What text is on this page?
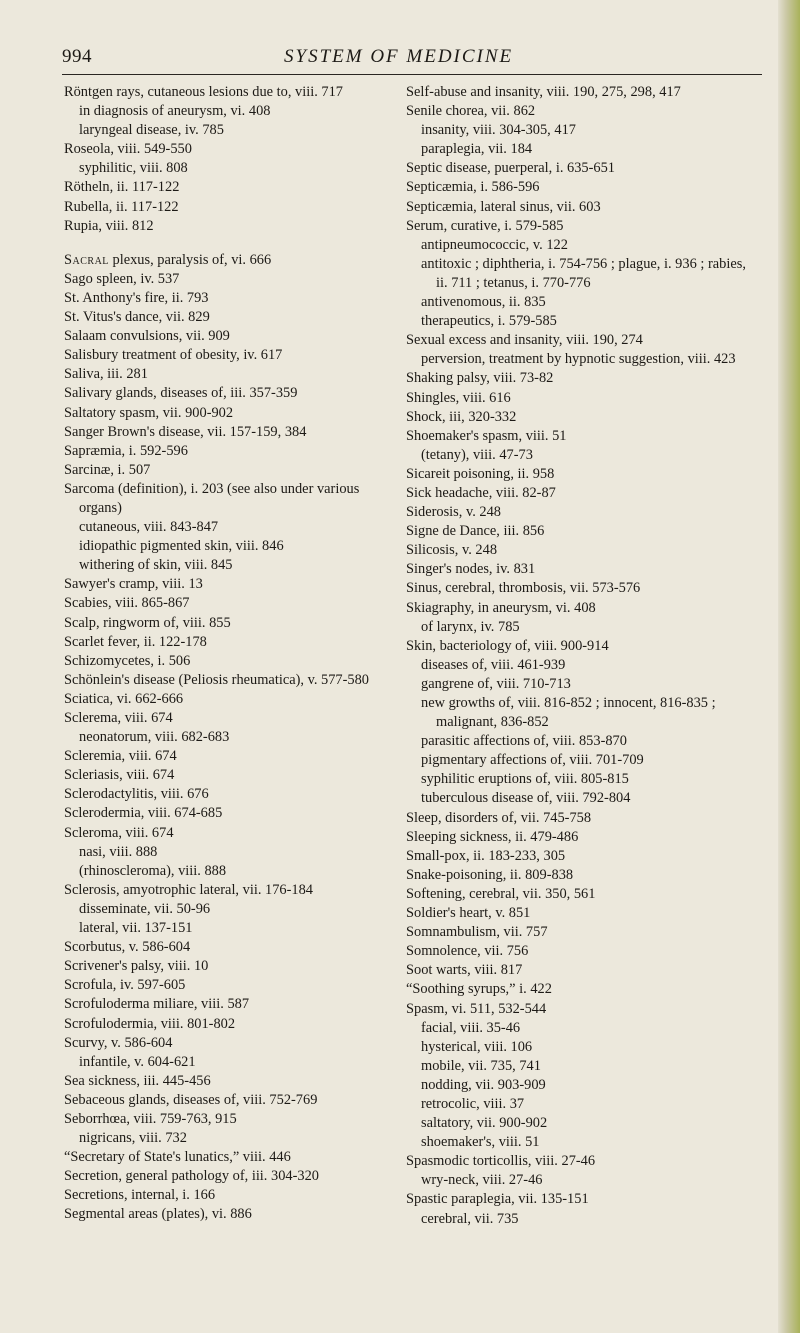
994	SYSTEM OF MEDICINE
Röntgen rays, cutaneous lesions due to, viii. 717
in diagnosis of aneurysm, vi. 408
laryngeal disease, iv. 785
Roseola, viii. 549-550
syphilitic, viii. 808
Rötheln, ii. 117-122
Rubella, ii. 117-122
Rupia, viii. 812
Sacral plexus, paralysis of, vi. 666
Sago spleen, iv. 537
St. Anthony's fire, ii. 793
St. Vitus's dance, vii. 829
Salaam convulsions, vii. 909
Salisbury treatment of obesity, iv. 617
Saliva, iii. 281
Salivary glands, diseases of, iii. 357-359
Saltatory spasm, vii. 900-902
Sanger Brown's disease, vii. 157-159, 384
Sapræmia, i. 592-596
Sarcinæ, i. 507
Sarcoma (definition), i. 203 (see also under various organs)
cutaneous, viii. 843-847
idiopathic pigmented skin, viii. 846
withering of skin, viii. 845
Sawyer's cramp, viii. 13
Scabies, viii. 865-867
Scalp, ringworm of, viii. 855
Scarlet fever, ii. 122-178
Schizomycetes, i. 506
Schönlein's disease (Peliosis rheumatica), v. 577-580
Sciatica, vi. 662-666
Sclerema, viii. 674
neonatorum, viii. 682-683
Scleremia, viii. 674
Scleriasis, viii. 674
Sclerodactylitis, viii. 676
Sclerodermia, viii. 674-685
Scleroma, viii. 674
nasi, viii. 888
(rhinoscleroma), viii. 888
Sclerosis, amyotrophic lateral, vii. 176-184
disseminate, vii. 50-96
lateral, vii. 137-151
Scorbutus, v. 586-604
Scrivener's palsy, viii. 10
Scrofula, iv. 597-605
Scrofuloderma miliare, viii. 587
Scrofulodermia, viii. 801-802
Scurvy, v. 586-604
infantile, v. 604-621
Sea sickness, iii. 445-456
Sebaceous glands, diseases of, viii. 752-769
Seborrhœa, viii. 759-763, 915
nigricans, viii. 732
“Secretary of State's lunatics,” viii. 446
Secretion, general pathology of, iii. 304-320
Secretions, internal, i. 166
Segmental areas (plates), vi. 886
Self-abuse and insanity, viii. 190, 275, 298, 417
Senile chorea, vii. 862
insanity, viii. 304-305, 417
paraplegia, vii. 184
Septic disease, puerperal, i. 635-651
Septicæmia, i. 586-596
Septicæmia, lateral sinus, vii. 603
Serum, curative, i. 579-585
antipneumococcic, v. 122
antitoxic ; diphtheria, i. 754-756 ; plague, i. 936 ; rabies, ii. 711 ; tetanus, i. 770-776
antivenomous, ii. 835
therapeutics, i. 579-585
Sexual excess and insanity, viii. 190, 274
perversion, treatment by hypnotic suggestion, viii. 423
Shaking palsy, viii. 73-82
Shingles, viii. 616
Shock, iii, 320-332
Shoemaker's spasm, viii. 51
(tetany), viii. 47-73
Sicareit poisoning, ii. 958
Sick headache, viii. 82-87
Siderosis, v. 248
Signe de Dance, iii. 856
Silicosis, v. 248
Singer's nodes, iv. 831
Sinus, cerebral, thrombosis, vii. 573-576
Skiagraphy, in aneurysm, vi. 408
of larynx, iv. 785
Skin, bacteriology of, viii. 900-914
diseases of, viii. 461-939
gangrene of, viii. 710-713
new growths of, viii. 816-852 ; innocent, 816-835 ; malignant, 836-852
parasitic affections of, viii. 853-870
pigmentary affections of, viii. 701-709
syphilitic eruptions of, viii. 805-815
tuberculous disease of, viii. 792-804
Sleep, disorders of, vii. 745-758
Sleeping sickness, ii. 479-486
Small-pox, ii. 183-233, 305
Snake-poisoning, ii. 809-838
Softening, cerebral, vii. 350, 561
Soldier's heart, v. 851
Somnambulism, vii. 757
Somnolence, vii. 756
Soot warts, viii. 817
“Soothing syrups,” i. 422
Spasm, vi. 511, 532-544
facial, viii. 35-46
hysterical, viii. 106
mobile, vii. 735, 741
nodding, vii. 903-909
retrocolic, viii. 37
saltatory, vii. 900-902
shoemaker's, viii. 51
Spasmodic torticollis, viii. 27-46
wry-neck, viii. 27-46
Spastic paraplegia, vii. 135-151
cerebral, vii. 735
